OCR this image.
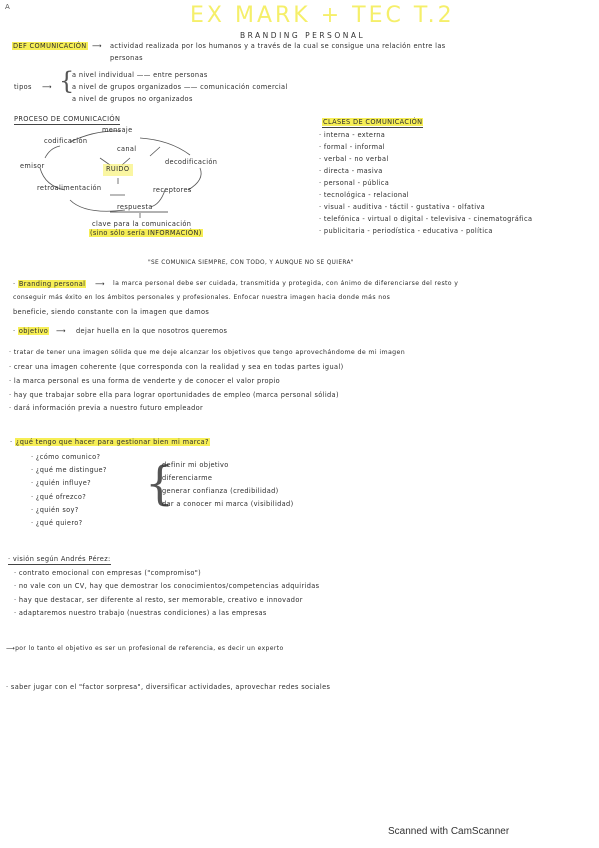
A	EX MARK + TEC T.2
BRANDING PERSONAL
DEF COMUNICACIÓN ⟶ actividad realizada por los humanos y a través de la cual se consigue una relación entre las
personas
tipos ⟶ {
a nivel individual —— entre personas
a nivel de grupos organizados —— comunicación comercial
a nivel de grupos no organizados
PROCESO DE COMUNICACIÓN
mensaje
codificación
canal
RUIDO
decodificación
emisor
retroalimentación	receptores
respuesta
clave para la comunicación
(sino sólo sería INFORMACIÓN)
CLASES DE COMUNICACIÓN
· interna - externa
· formal - informal
· verbal - no verbal
· directa - masiva
· personal - pública
· tecnológica - relacional
· visual - auditiva - táctil - gustativa - olfativa
· telefónica - virtual o digital - televisiva - cinematográfica
· publicitaria - periodística - educativa - política
"SE COMUNICA SIEMPRE, CON TODO, Y AUNQUE NO SE QUIERA"
· Branding personal ⟶ la marca personal debe ser cuidada, transmitida y protegida, con ánimo de diferenciarse del resto y
conseguir más éxito en los ámbitos personales y profesionales. Enfocar nuestra imagen hacia donde más nos
beneficie, siendo constante con la imagen que damos
· objetivo ⟶ dejar huella en la que nosotros queremos
· tratar de tener una imagen sólida que me deje alcanzar los objetivos que tengo aprovechándome de mi imagen
· crear una imagen coherente (que corresponda con la realidad y sea en todas partes igual)
· la marca personal es una forma de venderte y de conocer el valor propio
· hay que trabajar sobre ella para lograr oportunidades de empleo (marca personal sólida)
· dará información previa a nuestro futuro empleador
· ¿qué tengo que hacer para gestionar bien mi marca?
· ¿cómo comunico?
· ¿qué me distingue?
· ¿quién influye?
· ¿qué ofrezco?
· ¿quién soy?
· ¿qué quiero?
{
definir mi objetivo
diferenciarme
generar confianza (credibilidad)
dar a conocer mi marca (visibilidad)
· visión según Andrés Pérez:
· contrato emocional con empresas ("compromiso")
· no vale con un CV, hay que demostrar los conocimientos/competencias adquiridas
· hay que destacar, ser diferente al resto, ser memorable, creativo e innovador
· adaptaremos nuestro trabajo (nuestras condiciones) a las empresas
⟶por lo tanto el objetivo es ser un profesional de referencia, es decir un experto
· saber jugar con el "factor sorpresa", diversificar actividades, aprovechar redes sociales
Scanned with CamScanner
